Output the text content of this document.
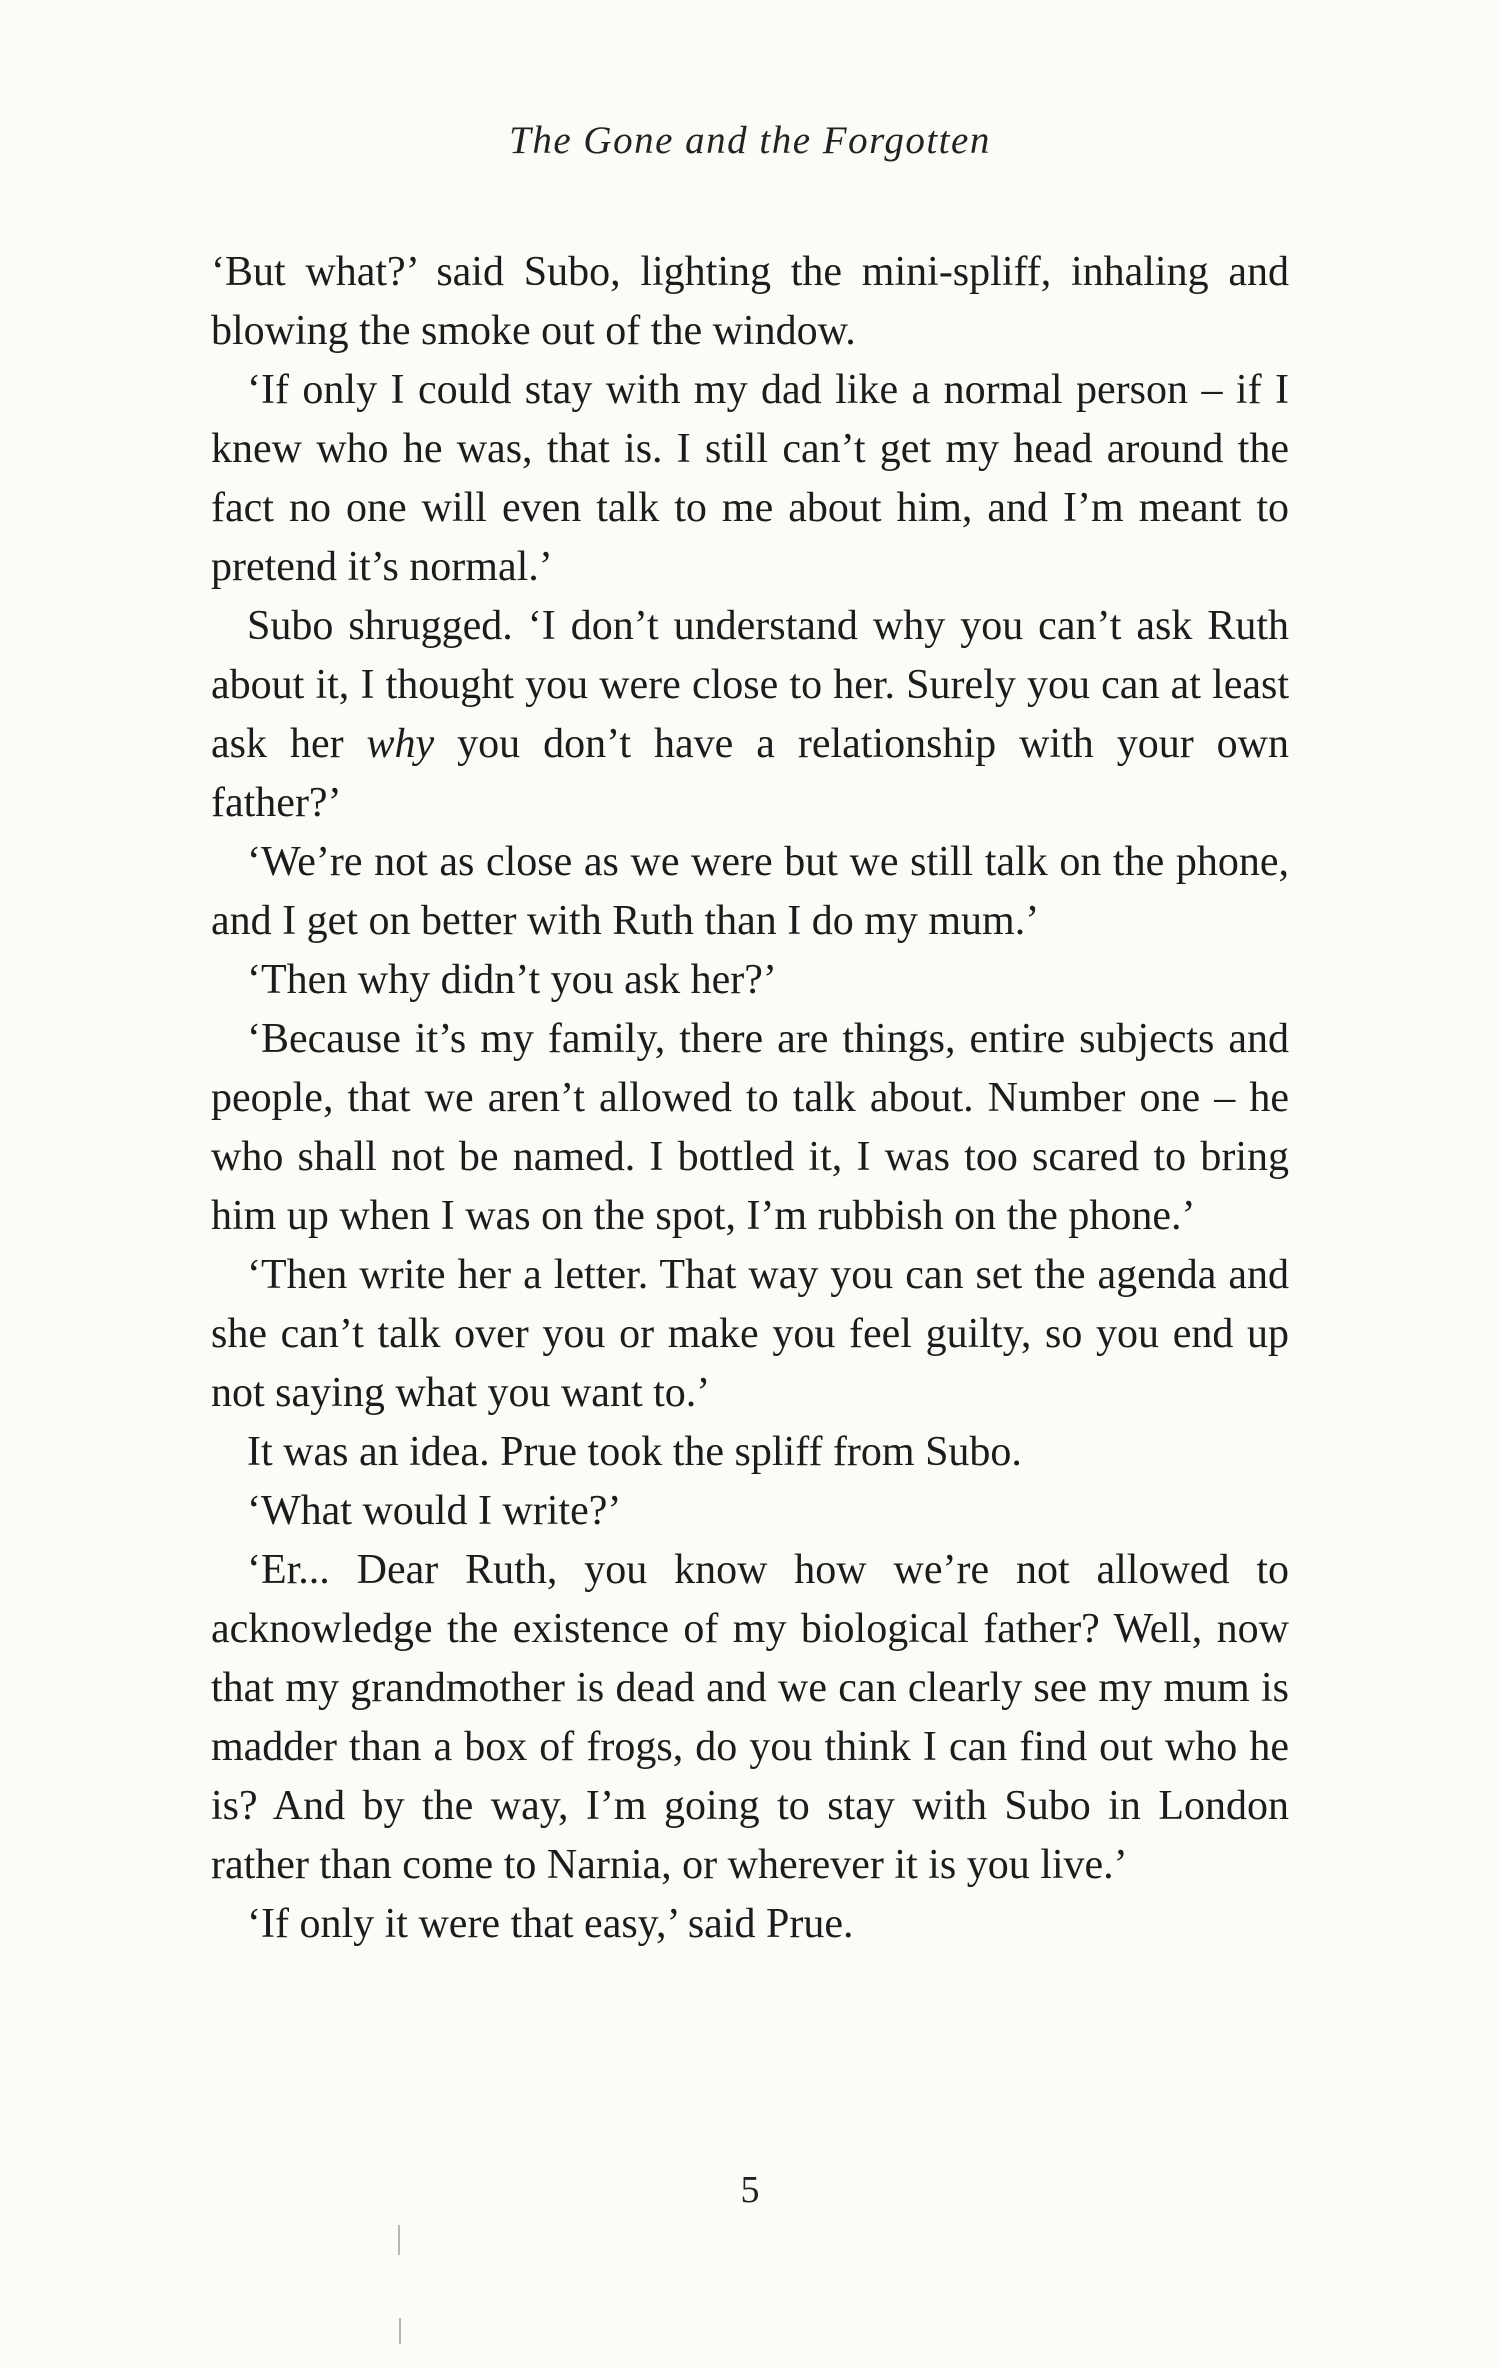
The Gone and the Forgotten

‘But what?’ said Subo, lighting the mini-spliff, inhaling and blowing the smoke out of the window.

‘If only I could stay with my dad like a normal person – if I knew who he was, that is. I still can’t get my head around the fact no one will even talk to me about him, and I’m meant to pretend it’s normal.’

Subo shrugged. ‘I don’t understand why you can’t ask Ruth about it, I thought you were close to her. Surely you can at least ask her why you don’t have a relationship with your own father?’

‘We’re not as close as we were but we still talk on the phone, and I get on better with Ruth than I do my mum.’

‘Then why didn’t you ask her?’

‘Because it’s my family, there are things, entire subjects and people, that we aren’t allowed to talk about. Number one – he who shall not be named. I bottled it, I was too scared to bring him up when I was on the spot, I’m rubbish on the phone.’

‘Then write her a letter. That way you can set the agenda and she can’t talk over you or make you feel guilty, so you end up not saying what you want to.’

It was an idea. Prue took the spliff from Subo.

‘What would I write?’

‘Er... Dear Ruth, you know how we’re not allowed to acknowledge the existence of my biological father? Well, now that my grandmother is dead and we can clearly see my mum is madder than a box of frogs, do you think I can find out who he is? And by the way, I’m going to stay with Subo in London rather than come to Narnia, or wherever it is you live.’

‘If only it were that easy,’ said Prue.

5
